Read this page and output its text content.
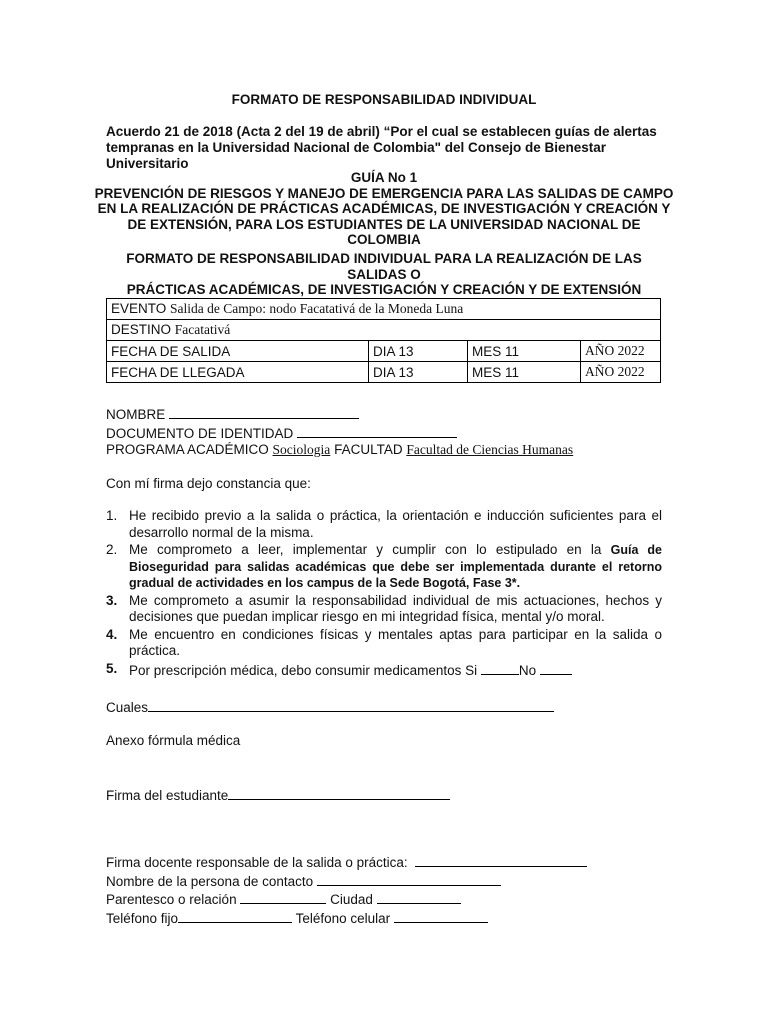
FORMATO DE RESPONSABILIDAD INDIVIDUAL
Acuerdo 21 de 2018 (Acta 2 del 19 de abril) “Por el cual se establecen guías de alertas
tempranas en la Universidad Nacional de Colombia" del Consejo de Bienestar Universitario
GUÍA No 1
PREVENCIÓN DE RIESGOS Y MANEJO DE EMERGENCIA PARA LAS SALIDAS DE CAMPO
EN LA REALIZACIÓN DE PRÁCTICAS ACADÉMICAS, DE INVESTIGACIÓN Y CREACIÓN Y
DE EXTENSIÓN, PARA LOS ESTUDIANTES DE LA UNIVERSIDAD NACIONAL DE COLOMBIA
FORMATO DE RESPONSABILIDAD INDIVIDUAL PARA LA REALIZACIÓN DE LAS SALIDAS O
PRÁCTICAS ACADÉMICAS, DE INVESTIGACIÓN Y CREACIÓN Y DE EXTENSIÓN
EVENTO Salida de Campo: nodo Facatativá de la Moneda Luna			
DESTINO Facatativá			
FECHA DE SALIDA	DIA 13	MES 11	AÑO 2022
FECHA DE LLEGADA	DIA 13	MES 11	AÑO 2022
NOMBRE
DOCUMENTO DE IDENTIDAD
PROGRAMA ACADÉMICO Sociologia FACULTAD Facultad de Ciencias Humanas
Con mí firma dejo constancia que:
1. He recibido previo a la salida o práctica, la orientación e inducción suficientes para el desarrollo normal de la misma.
2. Me comprometo a leer, implementar y cumplir con lo estipulado en la Guía de Bioseguridad para salidas académicas que debe ser implementada durante el retorno gradual de actividades en los campus de la Sede Bogotá, Fase 3*.
3. Me comprometo a asumir la responsabilidad individual de mis actuaciones, hechos y decisiones que puedan implicar riesgo en mi integridad física, mental y/o moral.
4. Me encuentro en condiciones físicas y mentales aptas para participar en la salida o práctica.
5. Por prescripción médica, debo consumir medicamentos Si	No
Cuales
Anexo fórmula médica
Firma del estudiante
Firma docente responsable de la salida o práctica:
Nombre de la persona de contacto
Parentesco o relación	Ciudad
Teléfono fijo	Teléfono celular
